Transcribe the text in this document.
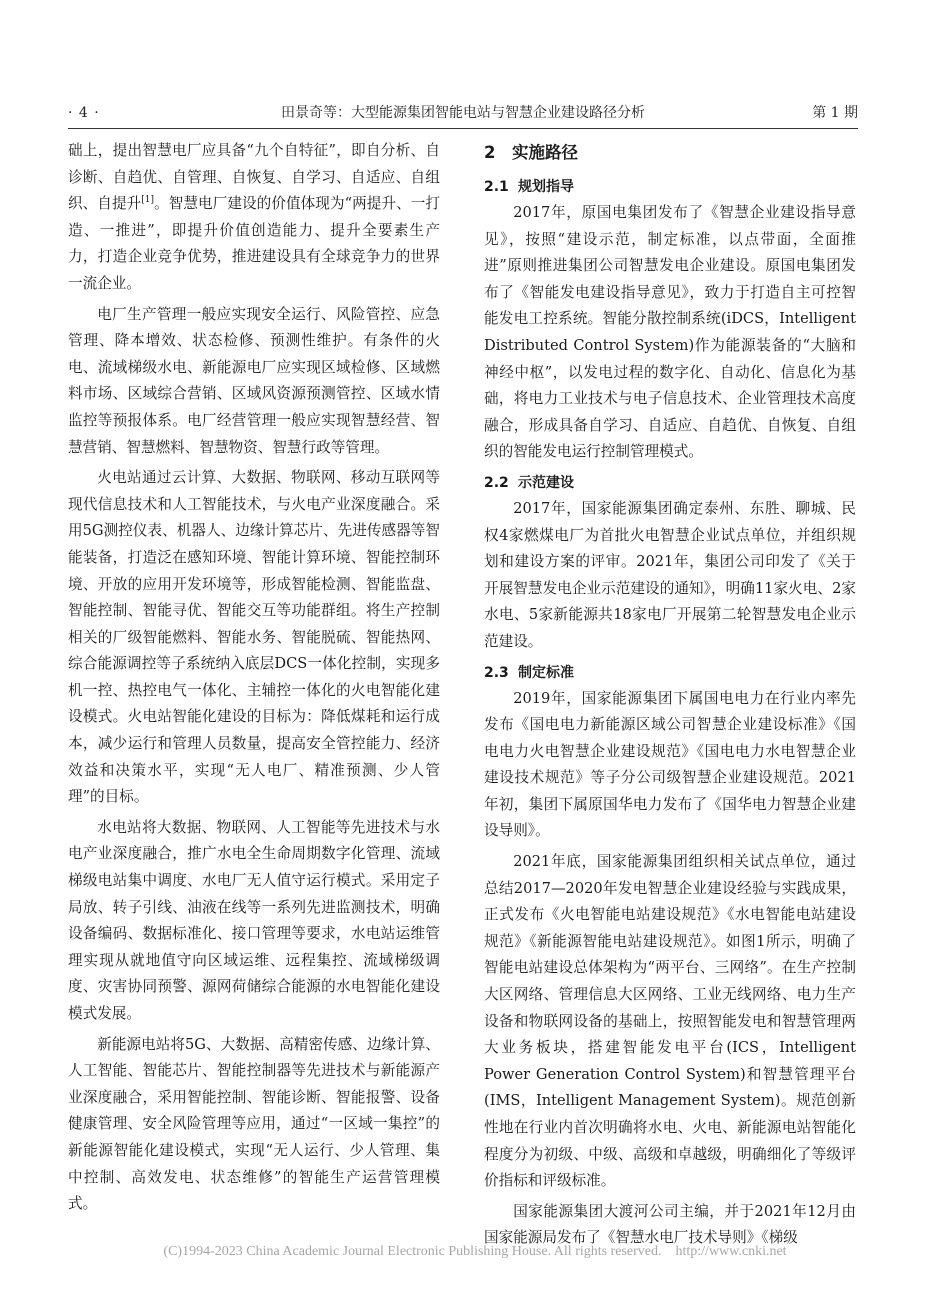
· 4 ·	田景奇等：大型能源集团智能电站与智慧企业建设路径分析	第 1 期

础上，提出智慧电厂应具备“九个自特征”，即自分析、自诊断、自趋优、自管理、自恢复、自学习、自适应、自组织、自提升[1]。智慧电厂建设的价值体现为“两提升、一打造、一推进”，即提升价值创造能力、提升全要素生产力，打造企业竞争优势，推进建设具有全球竞争力的世界一流企业。

电厂生产管理一般应实现安全运行、风险管控、应急管理、降本增效、状态检修、预测性维护。有条件的火电、流域梯级水电、新能源电厂应实现区域检修、区域燃料市场、区域综合营销、区域风资源预测管控、区域水情监控等预报体系。电厂经营管理一般应实现智慧经营、智慧营销、智慧燃料、智慧物资、智慧行政等管理。

火电站通过云计算、大数据、物联网、移动互联网等现代信息技术和人工智能技术，与火电产业深度融合。采用5G测控仪表、机器人、边缘计算芯片、先进传感器等智能装备，打造泛在感知环境、智能计算环境、智能控制环境、开放的应用开发环境等，形成智能检测、智能监盘、智能控制、智能寻优、智能交互等功能群组。将生产控制相关的厂级智能燃料、智能水务、智能脱硫、智能热网、综合能源调控等子系统纳入底层DCS一体化控制，实现多机一控、热控电气一体化、主辅控一体化的火电智能化建设模式。火电站智能化建设的目标为：降低煤耗和运行成本，减少运行和管理人员数量，提高安全管控能力、经济效益和决策水平，实现“无人电厂、精准预测、少人管理”的目标。

水电站将大数据、物联网、人工智能等先进技术与水电产业深度融合，推广水电全生命周期数字化管理、流域梯级电站集中调度、水电厂无人值守运行模式。采用定子局放、转子引线、油液在线等一系列先进监测技术，明确设备编码、数据标准化、接口管理等要求，水电站运维管理实现从就地值守向区域运维、远程集控、流域梯级调度、灾害协同预警、源网荷储综合能源的水电智能化建设模式发展。

新能源电站将5G、大数据、高精密传感、边缘计算、人工智能、智能芯片、智能控制器等先进技术与新能源产业深度融合，采用智能控制、智能诊断、智能报警、设备健康管理、安全风险管理等应用，通过“一区域一集控”的新能源智能化建设模式，实现“无人运行、少人管理、集中控制、高效发电、状态维修”的智能生产运营管理模式。

2　实施路径
2.1 规划指导

2017年，原国电集团发布了《智慧企业建设指导意见》，按照“建设示范，制定标准，以点带面，全面推进”原则推进集团公司智慧发电企业建设。原国电集团发布了《智能发电建设指导意见》，致力于打造自主可控智能发电工控系统。智能分散控制系统(iDCS，Intelligent Distributed Control System)作为能源装备的“大脑和神经中枢”，以发电过程的数字化、自动化、信息化为基础，将电力工业技术与电子信息技术、企业管理技术高度融合，形成具备自学习、自适应、自趋优、自恢复、自组织的智能发电运行控制管理模式。

2.2 示范建设

2017年，国家能源集团确定泰州、东胜、聊城、民权4家燃煤电厂为首批火电智慧企业试点单位，并组织规划和建设方案的评审。2021年，集团公司印发了《关于开展智慧发电企业示范建设的通知》，明确11家火电、2家水电、5家新能源共18家电厂开展第二轮智慧发电企业示范建设。

2.3 制定标准

2019年，国家能源集团下属国电电力在行业内率先发布《国电电力新能源区域公司智慧企业建设标准》《国电电力火电智慧企业建设规范》《国电电力水电智慧企业建设技术规范》等子分公司级智慧企业建设规范。2021年初，集团下属原国华电力发布了《国华电力智慧企业建设导则》。

2021年底，国家能源集团组织相关试点单位，通过总结2017—2020年发电智慧企业建设经验与实践成果，正式发布《火电智能电站建设规范》《水电智能电站建设规范》《新能源智能电站建设规范》。如图1所示，明确了智能电站建设总体架构为“两平台、三网络”。在生产控制大区网络、管理信息大区网络、工业无线网络、电力生产设备和物联网设备的基础上，按照智能发电和智慧管理两大业务板块，搭建智能发电平台(ICS，Intelligent Power Generation Control System)和智慧管理平台(IMS，Intelligent Management System)。规范创新性地在行业内首次明确将水电、火电、新能源电站智能化程度分为初级、中级、高级和卓越级，明确细化了等级评价指标和评级标准。

国家能源集团大渡河公司主编，并于2021年12月由国家能源局发布了《智慧水电厂技术导则》《梯级

(C)1994-2023 China Academic Journal Electronic Publishing House. All rights reserved.　http://www.cnki.net
